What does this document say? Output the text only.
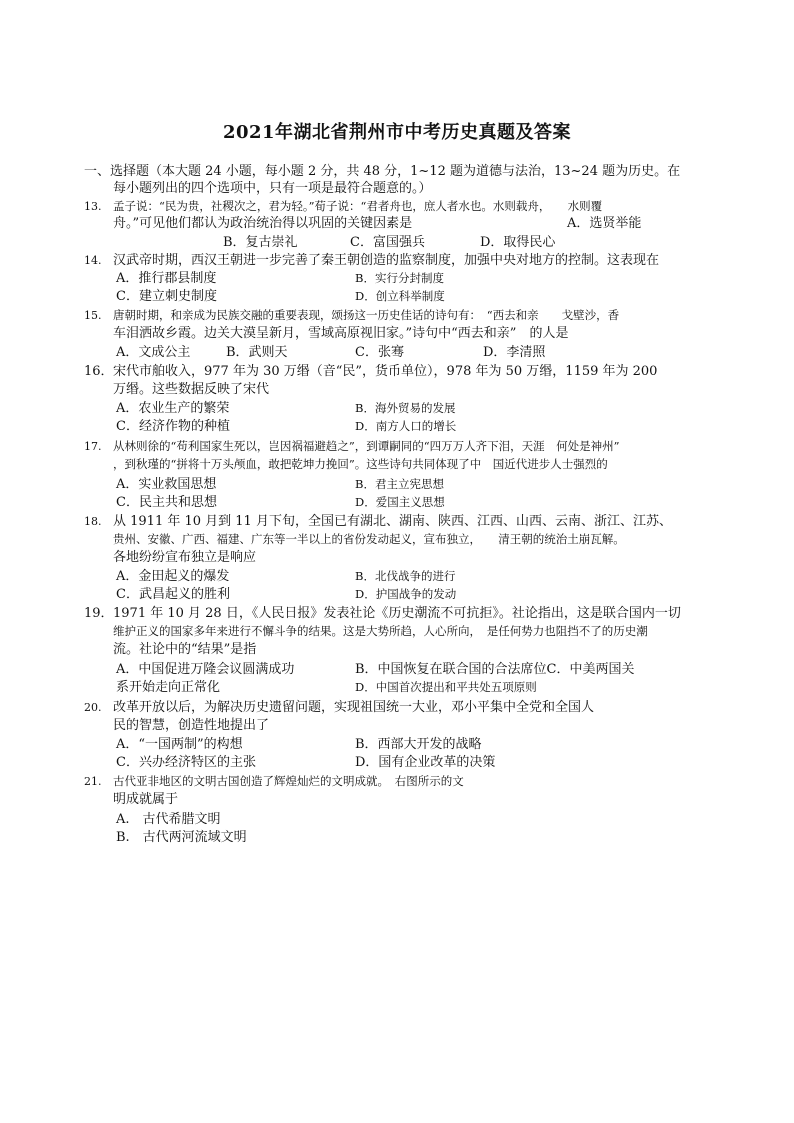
2021年湖北省荆州市中考历史真题及答案
一、选择题（本大题 24 小题，每小题 2 分，共 48 分，1~12 题为道德与法治，13~24 题为历史。在
每小题列出的四个选项中，只有一项是最符合题意的。）
13. 孟子说：“民为贵，社稷次之，君为轻。”荀子说：“君者舟也，庶人者水也。水则载舟，　　水则覆
舟。”可见他们都认为政治统治得以巩固的关键因素是	A．选贤举能
B．复古崇礼	C．富国强兵	D．取得民心
14. 汉武帝时期，西汉王朝进一步完善了秦王朝创造的监察制度，加强中央对地方的控制。这表现在
A．推行郡县制度	B．实行分封制度
C．建立刺史制度	D．创立科举制度
15. 唐朝时期，和亲成为民族交融的重要表现，颂扬这一历史佳话的诗句有：　“西去和亲　　戈壁沙，香
车泪洒故乡霞。边关大漠呈新月，雪域高原视旧家。”诗句中“西去和亲”　的人是
A．文成公主	B．武则天	C．张骞	D．李清照
16． 宋代市舶收入，977 年为 30 万缗（音“民”，货币单位），978 年为 50 万缗，1159 年为 200
万缗。这些数据反映了宋代
A．农业生产的繁荣	B．海外贸易的发展
C．经济作物的种植	D．南方人口的增长
17. 从林则徐的“苟利国家生死以，岂因祸福避趋之”，到谭嗣同的“四万万人齐下泪，天涯　何处是神州”
，到秋瑾的“拼将十万头颅血，敢把乾坤力挽回”。这些诗句共同体现了中　国近代进步人士强烈的
A．实业救国思想	B．君主立宪思想
C．民主共和思想	D．爱国主义思想
18. 从 1911 年 10 月到 11 月下旬，全国已有湖北、湖南、陕西、江西、山西、云南、浙江、江苏、
贵州、安徽、广西、福建、广东等一半以上的省份发动起义，宣布独立，　　清王朝的统治土崩瓦解。
各地纷纷宣布独立是响应
A．金田起义的爆发	B．北伐战争的进行
C．武昌起义的胜利	D．护国战争的发动
19． 1971 年 10 月 28 日，《人民日报》发表社论《历史潮流不可抗拒》。社论指出，这是联合国内一切
维护正义的国家多年来进行不懈斗争的结果。这是大势所趋，人心所向，　是任何势力也阻挡不了的历史潮
流。社论中的“结果”是指
A．中国促进万隆会议圆满成功	B．中国恢复在联合国的合法席位C．中美两国关
系开始走向正常化	D．中国首次提出和平共处五项原则
20. 改革开放以后，为解决历史遗留问题，实现祖国统一大业，邓小平集中全党和全国人
民的智慧，创造性地提出了
A．“一国两制”的构想	B．西部大开发的战略
C．兴办经济特区的主张	D．国有企业改革的决策
21. 古代亚非地区的文明古国创造了辉煌灿烂的文明成就。　右图所示的文
明成就属于
A.　古代希腊文明
B.　古代两河流域文明
